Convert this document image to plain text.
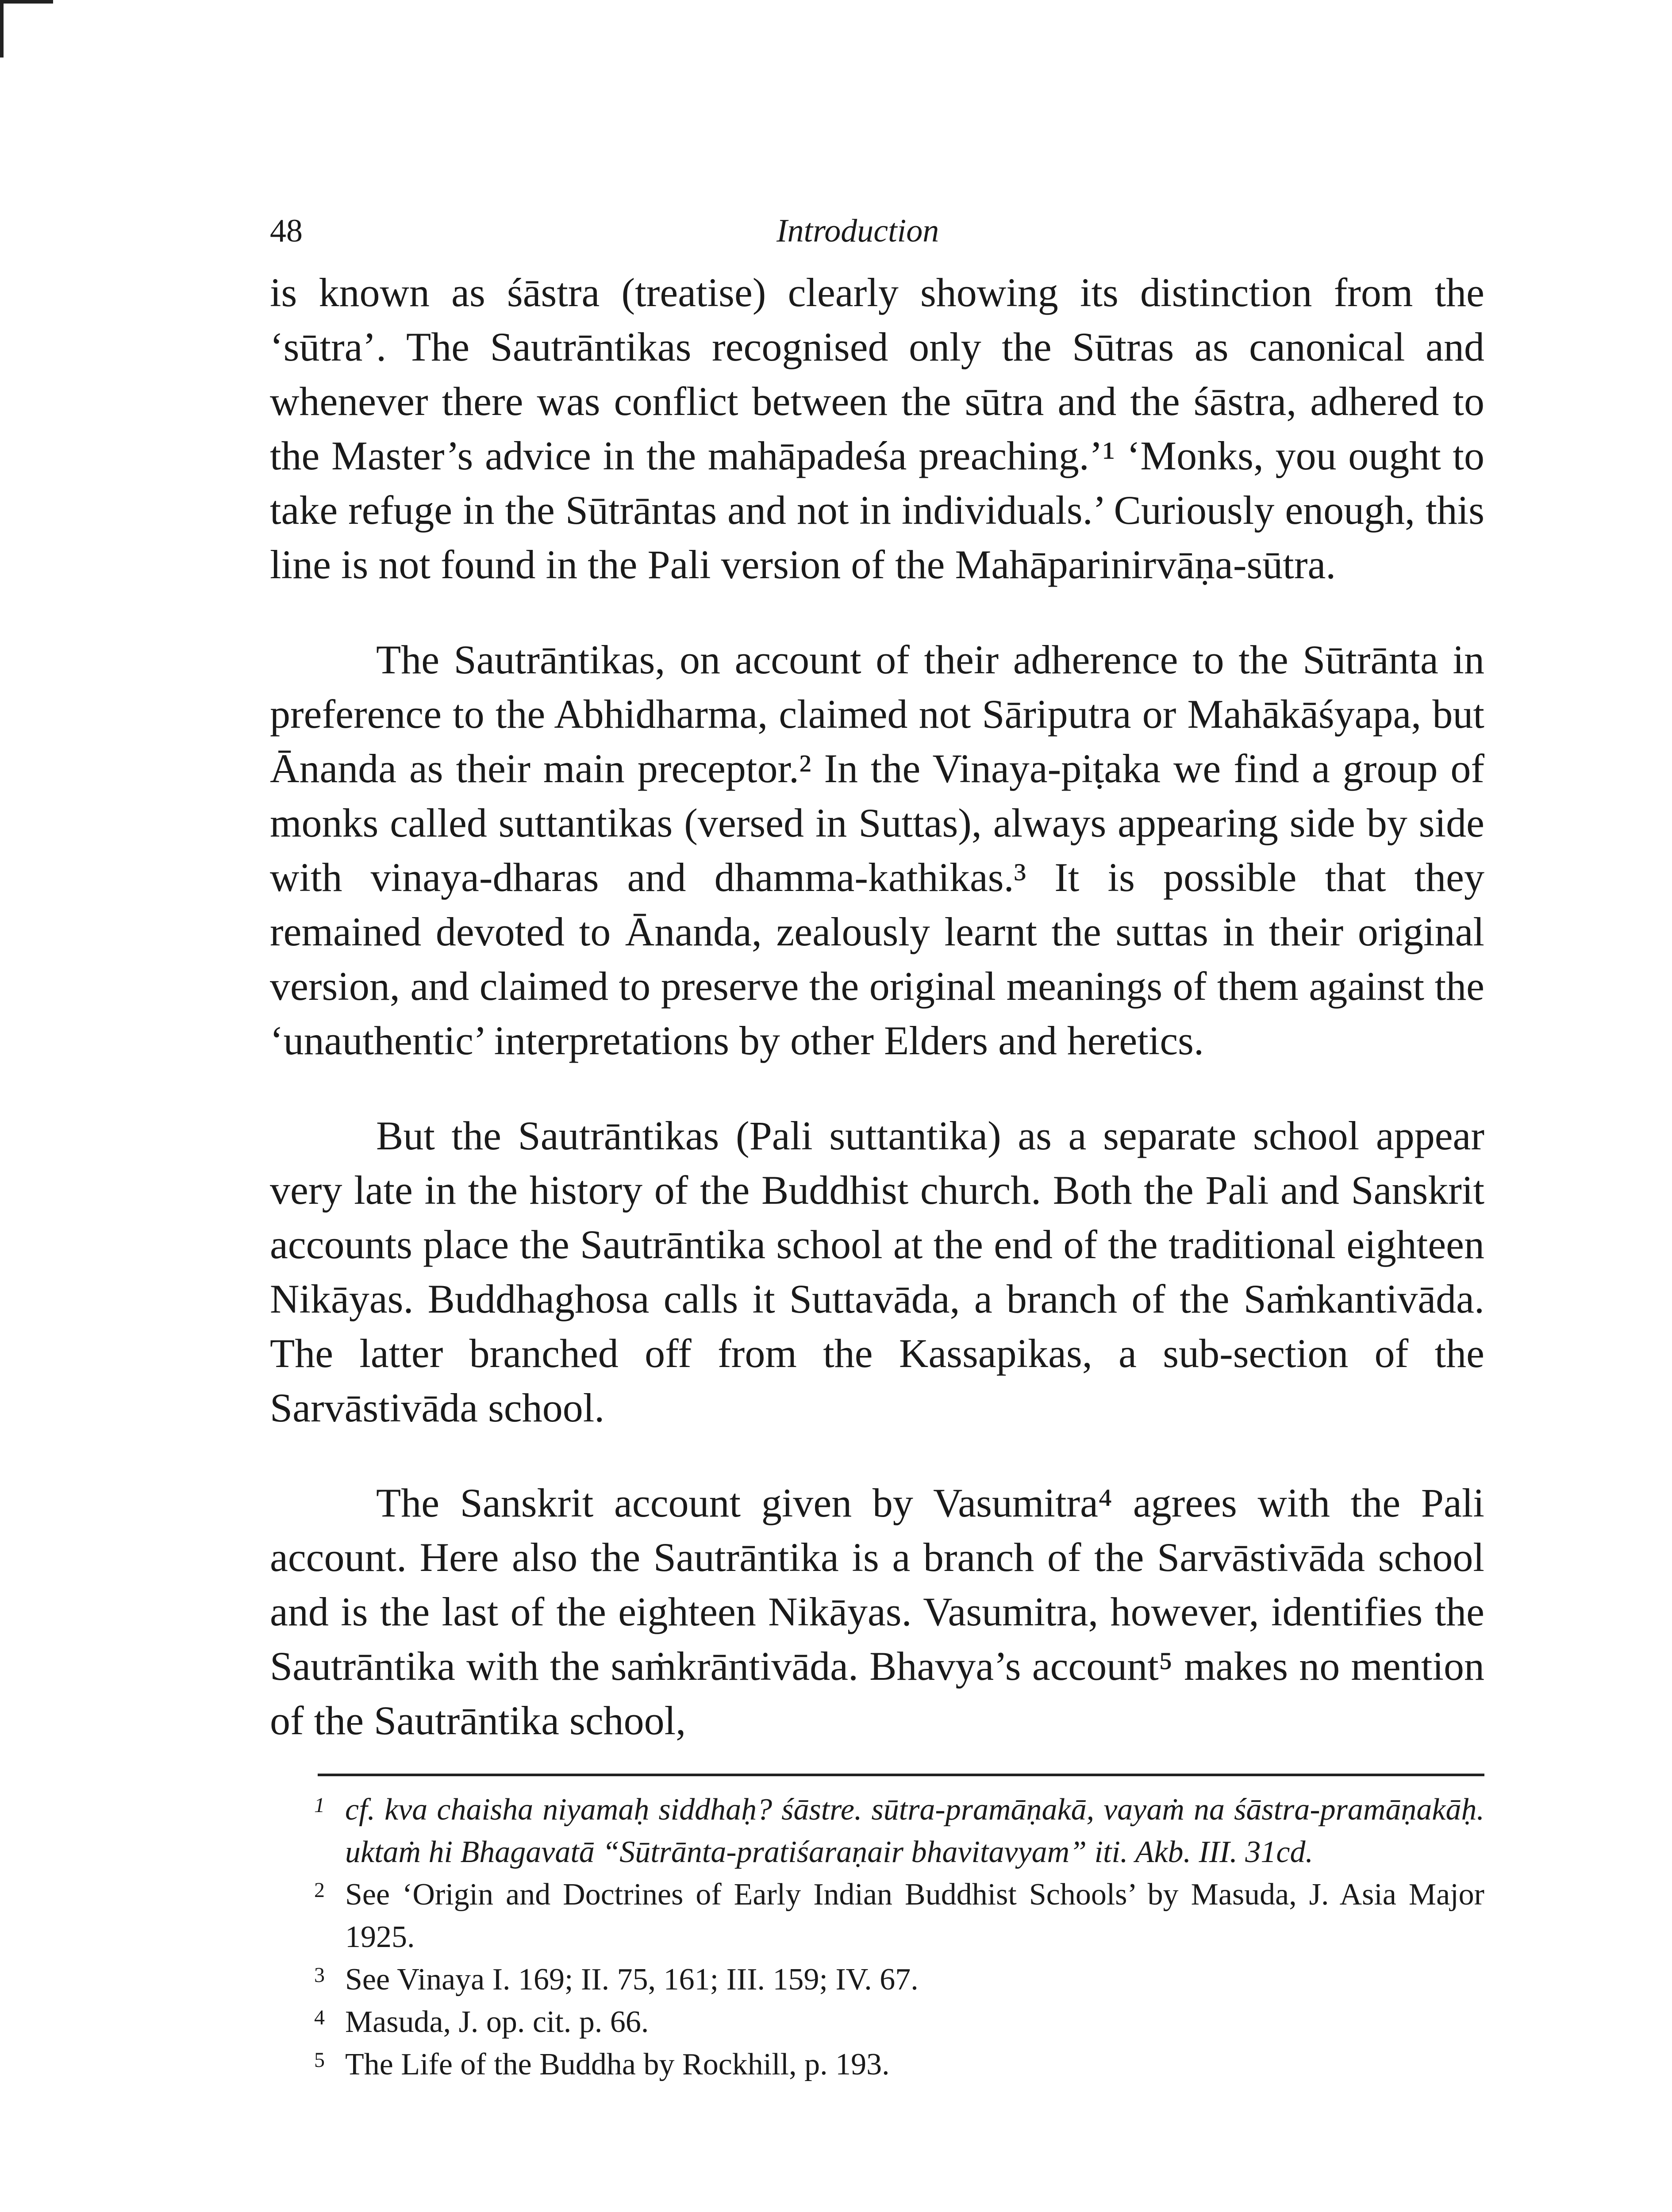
48	Introduction

is known as śāstra (treatise) clearly showing its distinction from the ‘sūtra’. The Sautrāntikas recognised only the Sūtras as canonical and whenever there was conflict between the sūtra and the śāstra, adhered to the Master’s advice in the mahāpadeśa preaching.’¹ ‘Monks, you ought to take refuge in the Sūtrāntas and not in individuals.’ Curiously enough, this line is not found in the Pali version of the Mahāparinirvāṇa-sūtra.

The Sautrāntikas, on account of their adherence to the Sūtrānta in preference to the Abhidharma, claimed not Sāriputra or Mahākāśyapa, but Ānanda as their main preceptor.² In the Vinaya-piṭaka we find a group of monks called suttantikas (versed in Suttas), always appearing side by side with vinaya-dharas and dhamma-kathikas.³ It is possible that they remained devoted to Ānanda, zealously learnt the suttas in their original version, and claimed to preserve the original meanings of them against the ‘unauthentic’ interpretations by other Elders and heretics.

But the Sautrāntikas (Pali suttantika) as a separate school appear very late in the history of the Buddhist church. Both the Pali and Sanskrit accounts place the Sautrāntika school at the end of the traditional eighteen Nikāyas. Buddhaghosa calls it Suttavāda, a branch of the Saṁkantivāda. The latter branched off from the Kassapikas, a sub-section of the Sarvāstivāda school.

The Sanskrit account given by Vasumitra⁴ agrees with the Pali account. Here also the Sautrāntika is a branch of the Sarvāstivāda school and is the last of the eighteen Nikāyas. Vasumitra, however, identifies the Sautrāntika with the saṁkrāntivāda. Bhavya’s account⁵ makes no mention of the Sautrāntika school,

1 cf. kva chaisha niyamaḥ siddhaḥ? śāstre. sūtra-pramāṇakā, vayaṁ na śāstra-pramāṇakāḥ. uktaṁ hi Bhagavatā “Sūtrānta-pratiśaraṇair bhavitavyam” iti. Akb. III. 31cd.

2 See ‘Origin and Doctrines of Early Indian Buddhist Schools’ by Masuda, J. Asia Major 1925.

3 See Vinaya I. 169; II. 75, 161; III. 159; IV. 67.

4 Masuda, J. op. cit. p. 66.

5 The Life of the Buddha by Rockhill, p. 193.
